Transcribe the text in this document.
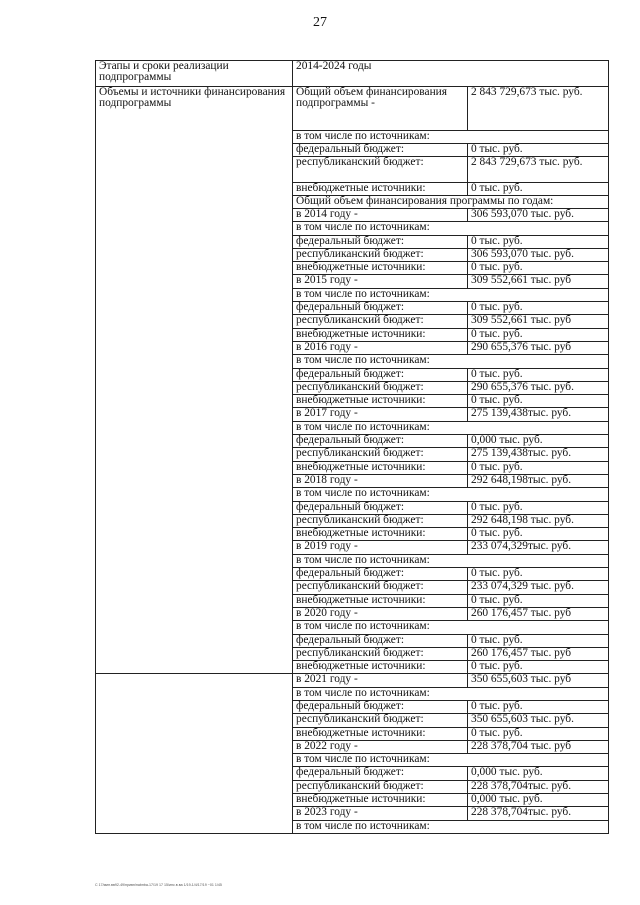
27
Этапы и сроки реализации подпрограммы	2014-2024 годы	
Объемы и источники финансирования подпрограммы	Общий объем финансирования подпрограммы -	2 843 729,673 тыс. руб.
	в том числе по источникам:	
	федеральный бюджет:	0 тыс. руб.
	республиканский бюджет:	2 843 729,673 тыс. руб.
	внебюджетные источники:	0 тыс. руб.
	Общий объем финансирования программы по годам:	
	в 2014 году -	306 593,070 тыс. руб.
	в том числе по источникам:	
	федеральный бюджет:	0 тыс. руб.
	республиканский бюджет:	306 593,070 тыс. руб.
	внебюджетные источники:	0 тыс. руб.
	в 2015 году -	309 552,661 тыс. руб
	в том числе по источникам:	
	федеральный бюджет:	0 тыс. руб.
	республиканский бюджет:	309 552,661 тыс. руб
	внебюджетные источники:	0 тыс. руб.
	в 2016 году -	290 655,376 тыс. руб
	в том числе по источникам:	
	федеральный бюджет:	0 тыс. руб.
	республиканский бюджет:	290 655,376 тыс. руб.
	внебюджетные источники:	0 тыс. руб.
	в 2017 году -	275 139,438тыс. руб.
	в том числе по источникам:	
	федеральный бюджет:	0,000 тыс. руб.
	республиканский бюджет:	275 139,438тыс. руб.
	внебюджетные источники:	0 тыс. руб.
	в 2018 году -	292 648,198тыс. руб.
	в том числе по источникам:	
	федеральный бюджет:	0 тыс. руб.
	республиканский бюджет:	292 648,198 тыс. руб.
	внебюджетные источники:	0 тыс. руб.
	в 2019 году -	233 074,329тыс. руб.
	в том числе по источникам:	
	федеральный бюджет:	0 тыс. руб.
	республиканский бюджет:	233 074,329 тыс. руб.
	внебюджетные источники:	0 тыс. руб.
	в 2020 году -	260 176,457 тыс. руб
	в том числе по источникам:	
	федеральный бюджет:	0 тыс. руб.
	республиканский бюджет:	260 176,457 тыс. руб
	внебюджетные источники:	0 тыс. руб.
	в 2021 году -	350 655,603 тыс. руб
	в том числе по источникам:	
	федеральный бюджет:	0 тыс. руб.
	республиканский бюджет:	350 655,603 тыс. руб.
	внебюджетные источники:	0 тыс. руб.
	в 2022 году -	228 378,704 тыс. руб
	в том числе по источникам:	
	федеральный бюджет:	0,000 тыс. руб.
	республиканский бюджет:	228 378,704тыс. руб.
	внебюджетные источники:	0,000 тыс. руб.
	в 2023 году -	228 378,704тыс. руб.
	в том числе по источникам:	
С 17/мин.вв92-49/привп/наbнba-17/19 17 15/инс.в.ва 1/19-1/4/17/19 ~01 1/45
